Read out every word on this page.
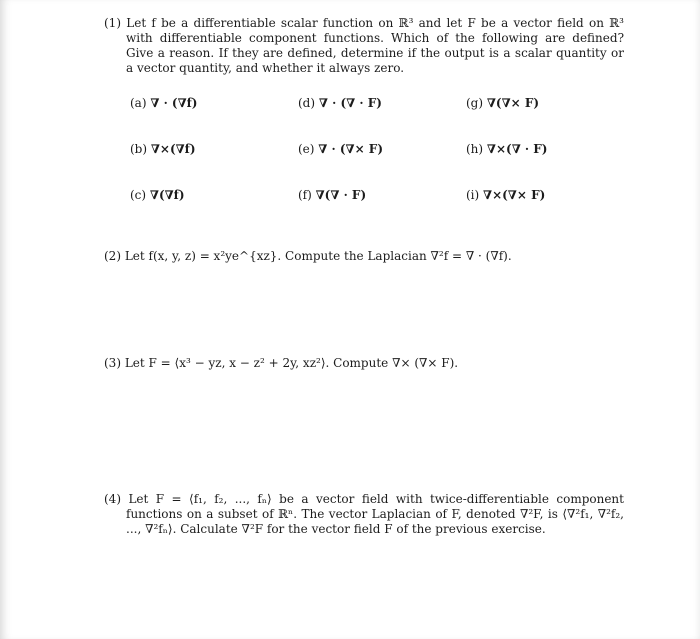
(1) Let f be a differentiable scalar function on ℝ³ and let F be a vector field on ℝ³ with differentiable component functions. Which of the following are defined? Give a reason. If they are defined, determine if the output is a scalar quantity or a vector quantity, and whether it always zero.
(a) ∇ · (∇f)	(d) ∇ · (∇ · F)	(g) ∇(∇× F)
(b) ∇×(∇f)	(e) ∇ · (∇× F)	(h) ∇×(∇ · F)
(c) ∇(∇f)	(f) ∇(∇ · F)	(i) ∇×(∇× F)
(2) Let f(x, y, z) = x²ye^{xz}. Compute the Laplacian ∇²f = ∇ · (∇f).
(3) Let F = ⟨x³ − yz, x − z² + 2y, xz²⟩. Compute ∇× (∇× F).
(4) Let F = ⟨f₁, f₂, ..., fₙ⟩ be a vector field with twice-differentiable component functions on a subset of ℝⁿ. The vector Laplacian of F, denoted ∇²F, is ⟨∇²f₁, ∇²f₂, ..., ∇²fₙ⟩. Calculate ∇²F for the vector field F of the previous exercise.
